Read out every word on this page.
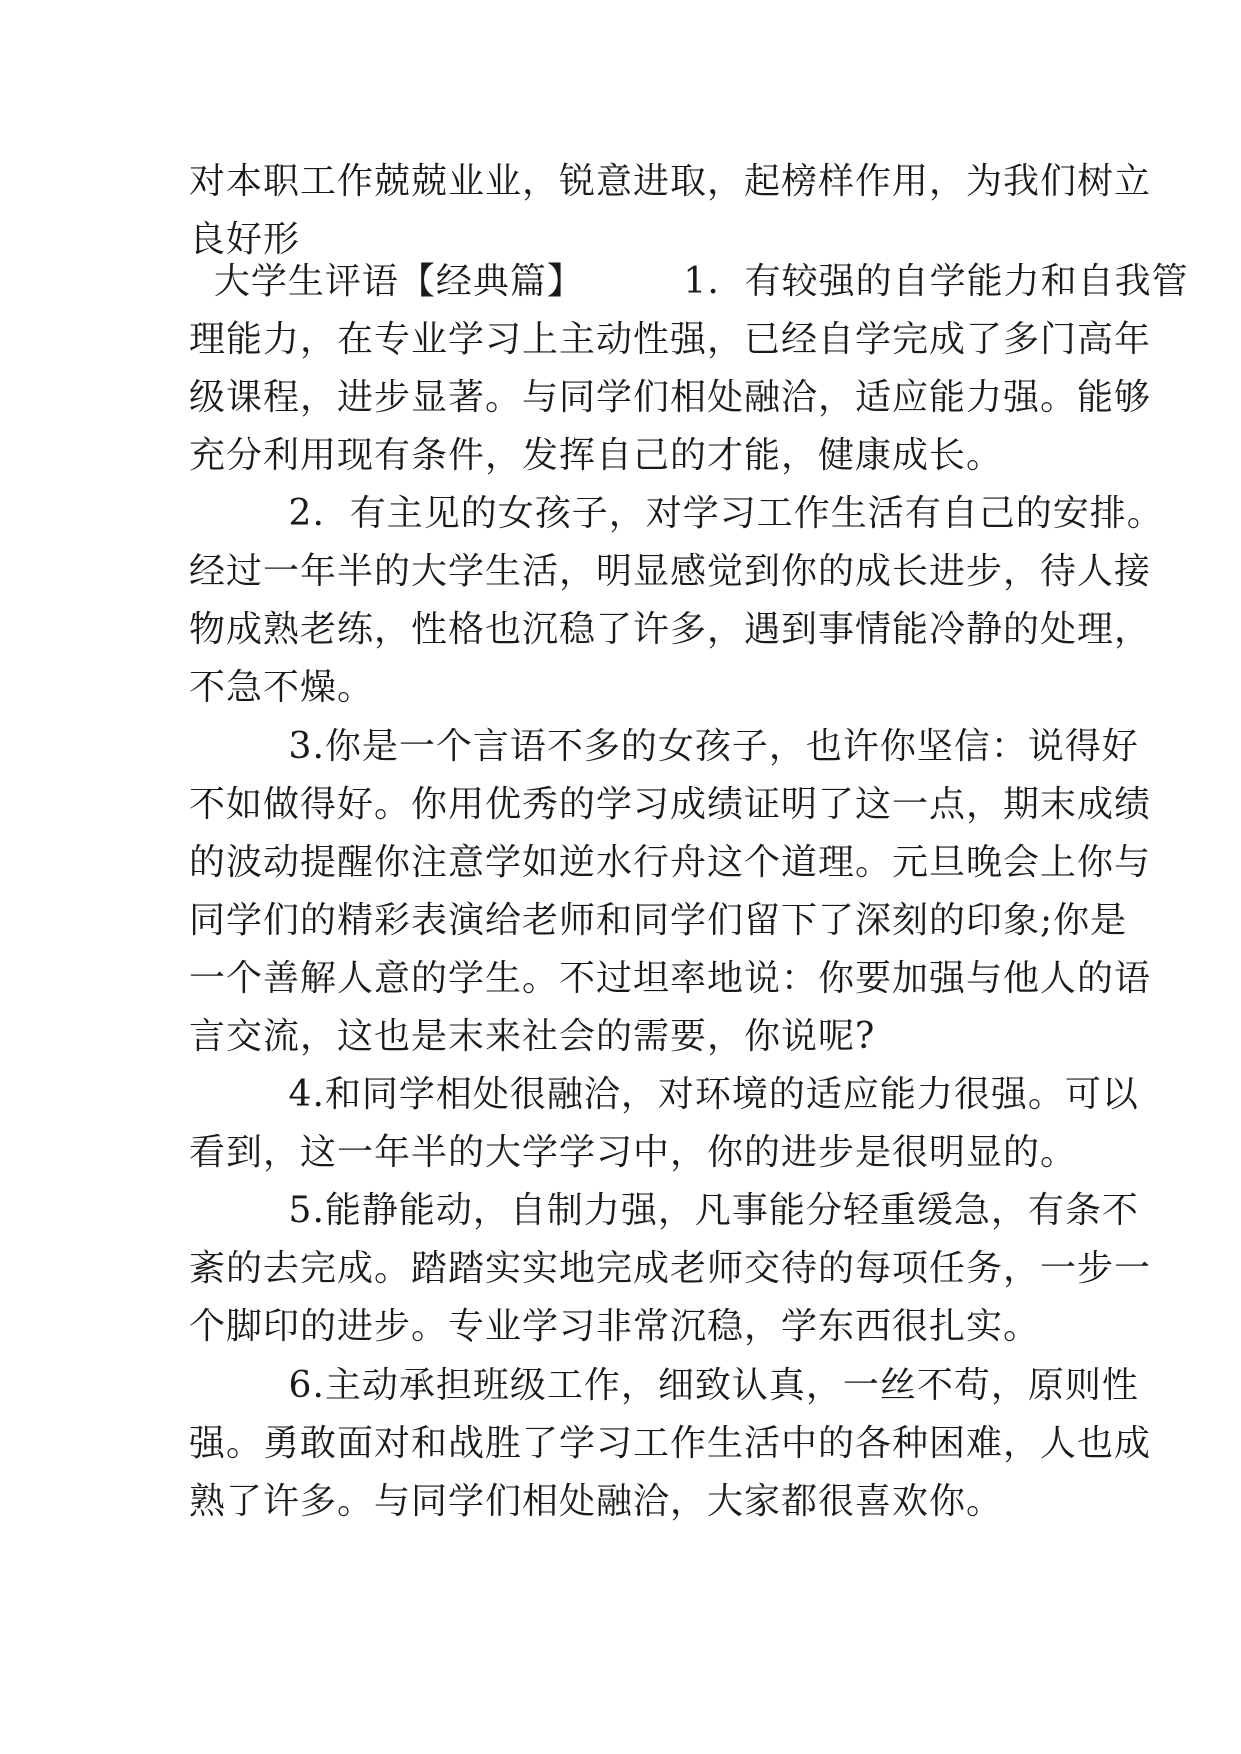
对本职工作兢兢业业，锐意进取，起榜样作用，为我们树立
良好形
大学生评语【经典篇】        1.  有较强的自学能力和自我管
理能力，在专业学习上主动性强，已经自学完成了多门高年
级课程，进步显著。与同学们相处融洽，适应能力强。能够
充分利用现有条件，发挥自己的才能，健康成长。
2.  有主见的女孩子，对学习工作生活有自己的安排。
经过一年半的大学生活，明显感觉到你的成长进步，待人接
物成熟老练，性格也沉稳了许多，遇到事情能冷静的处理，
不急不燥。
3.你是一个言语不多的女孩子，也许你坚信：说得好
不如做得好。你用优秀的学习成绩证明了这一点，期末成绩
的波动提醒你注意学如逆水行舟这个道理。元旦晚会上你与
同学们的精彩表演给老师和同学们留下了深刻的印象;你是
一个善解人意的学生。不过坦率地说：你要加强与他人的语
言交流，这也是末来社会的需要，你说呢?
4.和同学相处很融洽，对环境的适应能力很强。可以
看到，这一年半的大学学习中，你的进步是很明显的。
5.能静能动，自制力强，凡事能分轻重缓急，有条不
紊的去完成。踏踏实实地完成老师交待的每项任务，一步一
个脚印的进步。专业学习非常沉稳，学东西很扎实。
6.主动承担班级工作，细致认真，一丝不苟，原则性
强。勇敢面对和战胜了学习工作生活中的各种困难，人也成
熟了许多。与同学们相处融洽，大家都很喜欢你。
